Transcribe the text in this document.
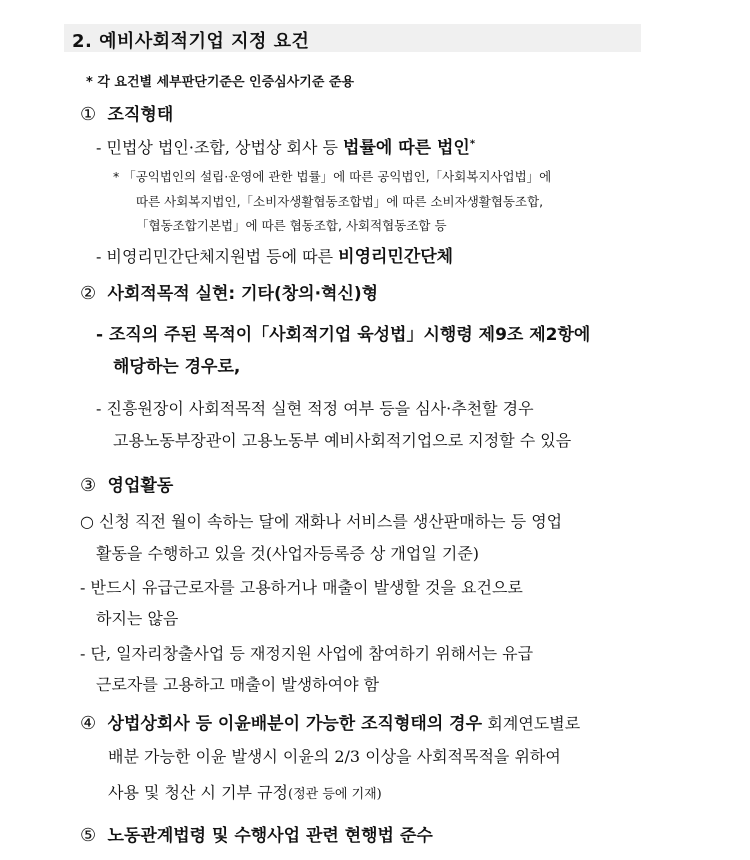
2. 예비사회적기업 지정 요건
* 각 요건별 세부판단기준은 인증심사기준 준용
① 조직형태
- 민법상 법인·조합, 상법상 회사 등 법률에 따른 법인*
* 「공익법인의 설립·운영에 관한 법률」에 따른 공익법인,「사회복지사업법」에
따른 사회복지법인,「소비자생활협동조합법」에 따른 소비자생활협동조합,
「협동조합기본법」에 따른 협동조합, 사회적협동조합 등
- 비영리민간단체지원법 등에 따른 비영리민간단체
② 사회적목적 실현: 기타(창의·혁신)형
- 조직의 주된 목적이「사회적기업 육성법」시행령 제9조 제2항에
해당하는 경우로,
- 진흥원장이 사회적목적 실현 적정 여부 등을 심사·추천할 경우
고용노동부장관이 고용노동부 예비사회적기업으로 지정할 수 있음
③ 영업활동
○ 신청 직전 월이 속하는 달에 재화나 서비스를 생산판매하는 등 영업
활동을 수행하고 있을 것(사업자등록증 상 개업일 기준)
- 반드시 유급근로자를 고용하거나 매출이 발생할 것을 요건으로
하지는 않음
- 단, 일자리창출사업 등 재정지원 사업에 참여하기 위해서는 유급
근로자를 고용하고 매출이 발생하여야 함
④ 상법상회사 등 이윤배분이 가능한 조직형태의 경우 회계연도별로
배분 가능한 이윤 발생시 이윤의 2/3 이상을 사회적목적을 위하여
사용 및 청산 시 기부 규정(정관 등에 기재)
⑤ 노동관계법령 및 수행사업 관련 현행법 준수
